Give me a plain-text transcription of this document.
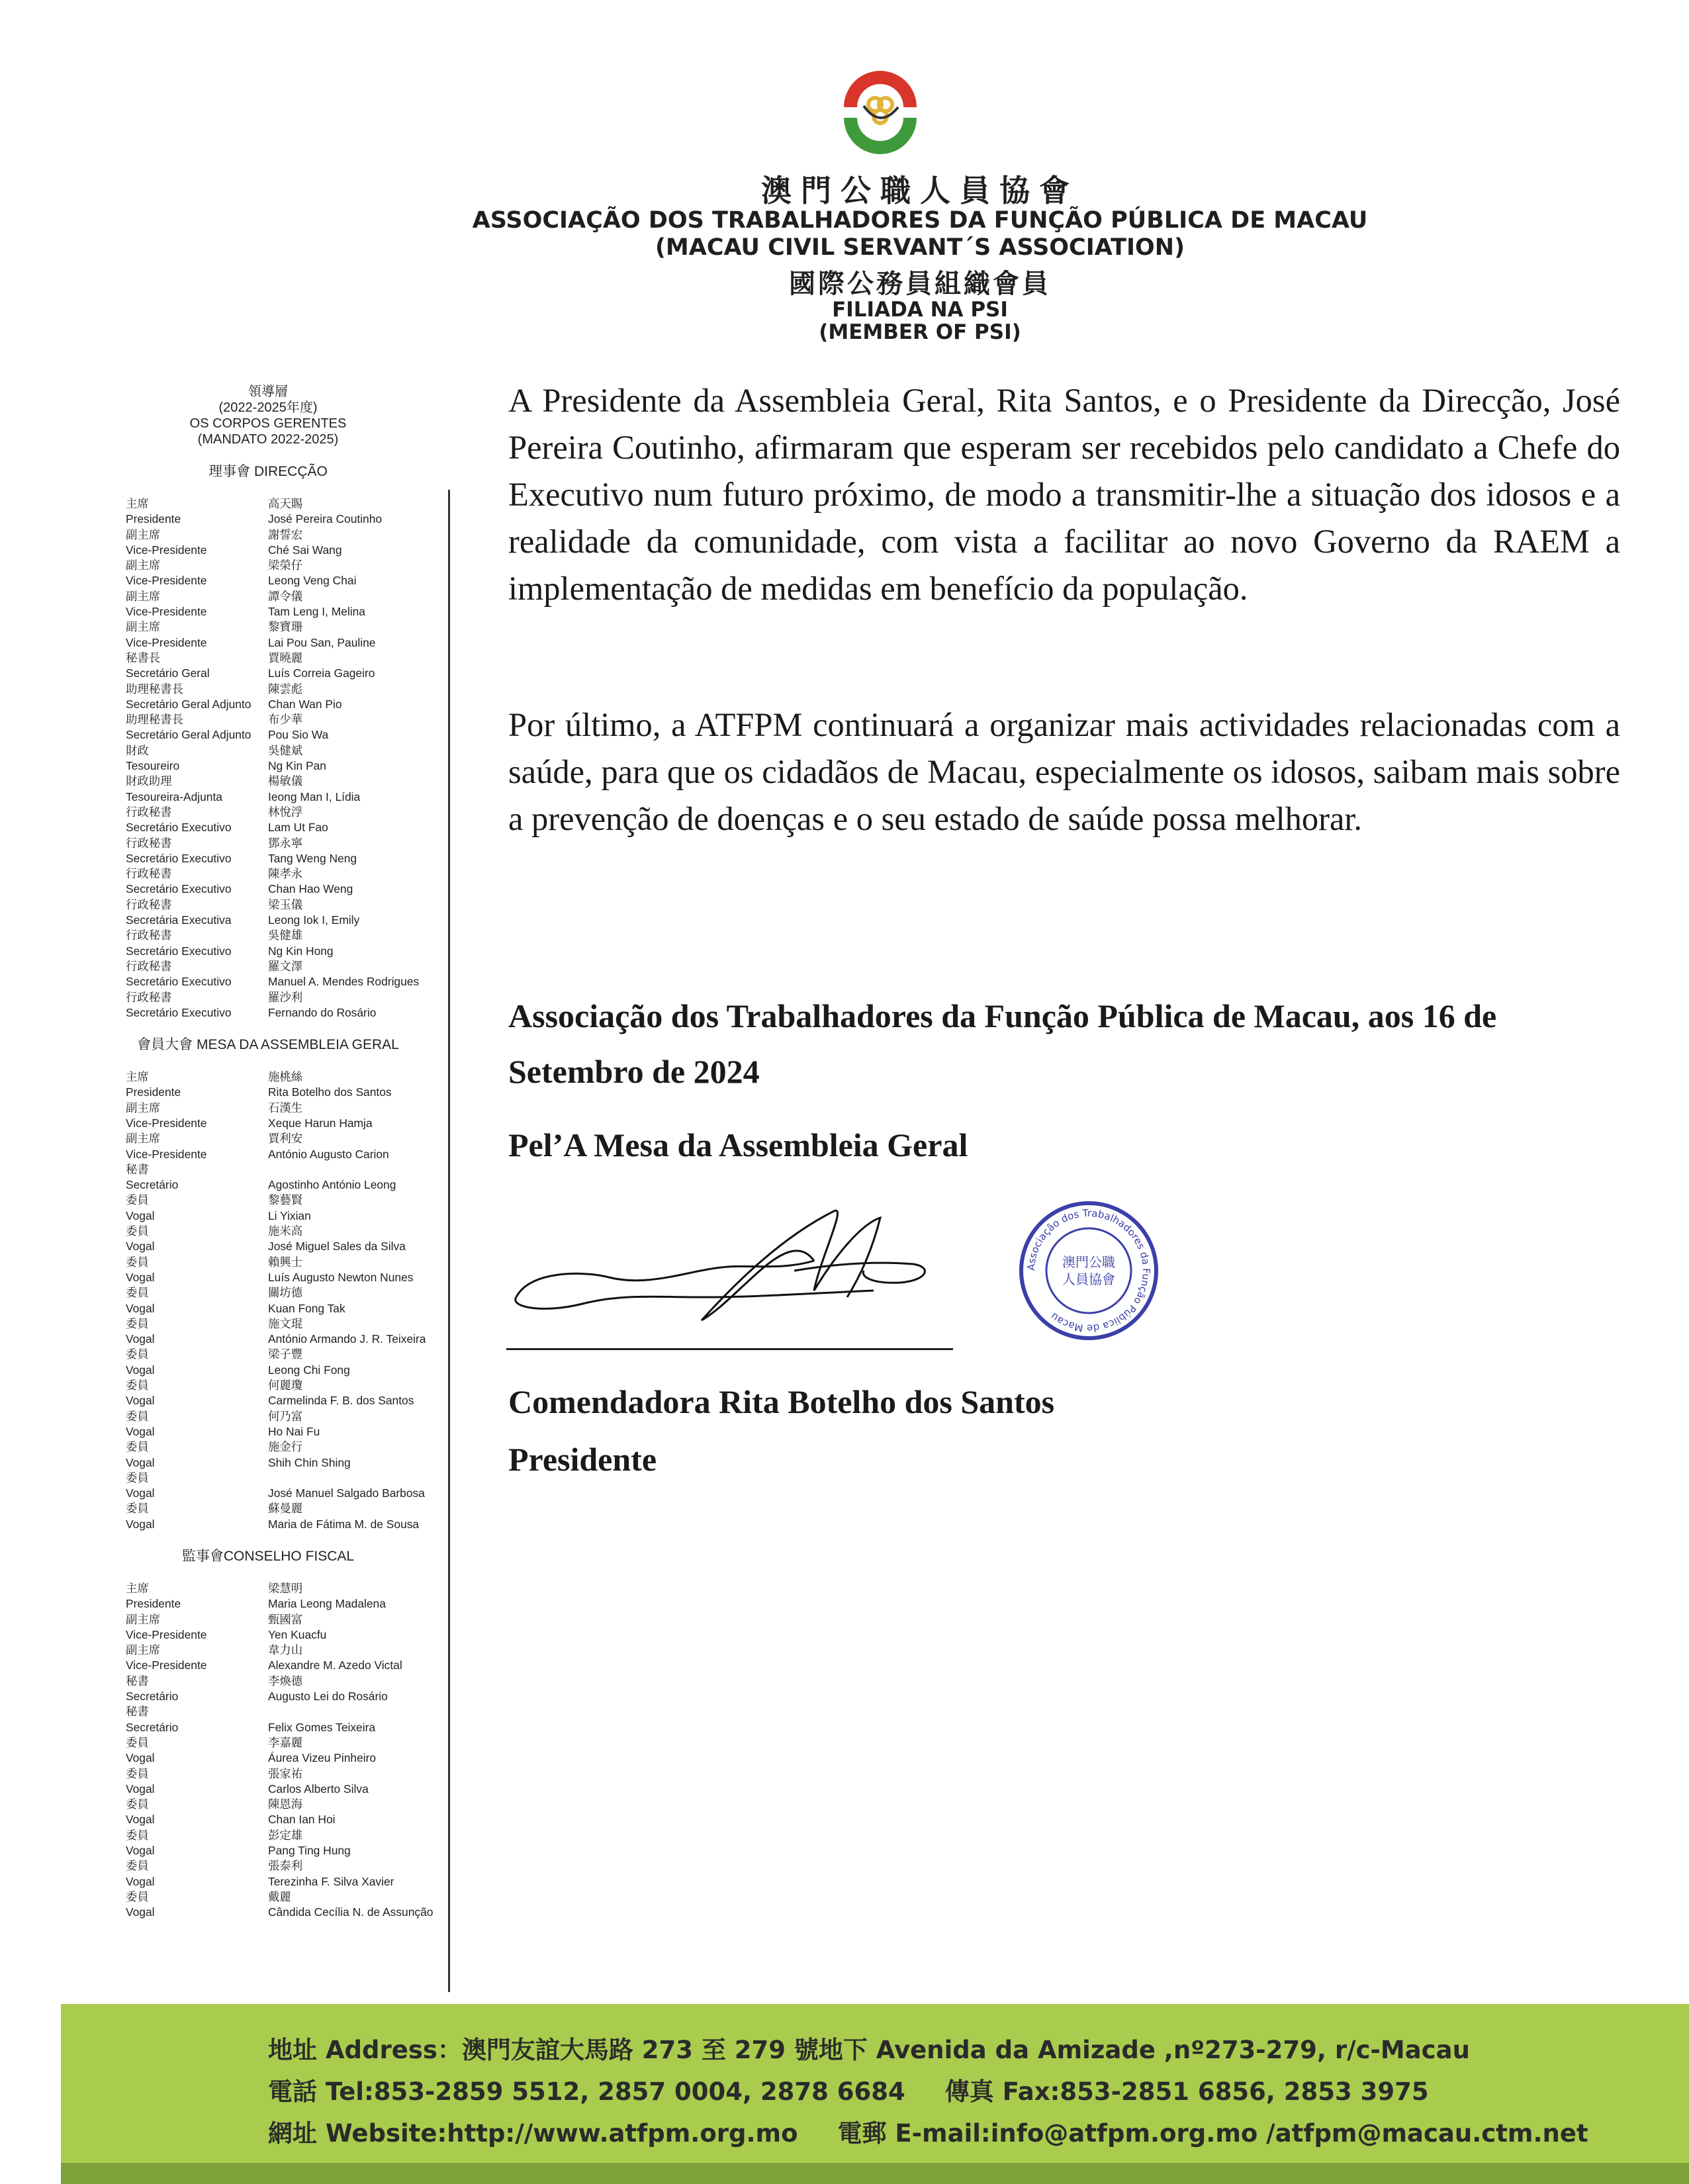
澳門公職人員協會
ASSOCIAÇÃO DOS TRABALHADORES DA FUNÇÃO PÚBLICA DE MACAU
(MACAU CIVIL SERVANT´S ASSOCIATION)
國際公務員組織會員
FILIADA NA PSI
(MEMBER OF PSI)
領導層
(2022-2025年度)
OS CORPOS GERENTES
(MANDATO 2022-2025)
理事會 DIRECÇÃO
主席	高天賜
Presidente	José Pereira Coutinho
副主席	謝誓宏
Vice-Presidente	Ché Sai Wang
副主席	梁榮仔
Vice-Presidente	Leong Veng Chai
副主席	譚令儀
Vice-Presidente	Tam Leng I, Melina
副主席	黎寶珊
Vice-Presidente	Lai Pou San, Pauline
秘書長	賈曉麗
Secretário Geral	Luís Correia Gageiro
助理秘書長	陳雲彪
Secretário Geral Adjunto	Chan Wan Pio
助理秘書長	布少華
Secretário Geral Adjunto	Pou Sio Wa
財政	吳健斌
Tesoureiro	Ng Kin Pan
財政助理	楊敏儀
Tesoureira-Adjunta	Ieong Man I, Lídia
行政秘書	林悅浮
Secretário Executivo	Lam Ut Fao
行政秘書	鄧永寧
Secretário Executivo	Tang Weng Neng
行政秘書	陳孝永
Secretário Executivo	Chan Hao Weng
行政秘書	梁玉儀
Secretária Executiva	Leong Iok I, Emily
行政秘書	吳健雄
Secretário Executivo	Ng Kin Hong
行政秘書	羅文澤
Secretário Executivo	Manuel A. Mendes Rodrigues
行政秘書	羅沙利
Secretário Executivo	Fernando do Rosário
會員大會 MESA DA ASSEMBLEIA GERAL
主席	施桃絲
Presidente	Rita Botelho dos Santos
副主席	石漢生
Vice-Presidente	Xeque Harun Hamja
副主席	賈利安
Vice-Presidente	António Augusto Carion
秘書
Secretário	Agostinho António Leong
委員	黎藝賢
Vogal	Li Yixian
委員	施米高
Vogal	José Miguel Sales da Silva
委員	賴興士
Vogal	Luís Augusto Newton Nunes
委員	關坊德
Vogal	Kuan Fong Tak
委員	施文琨
Vogal	António Armando J. R. Teixeira
委員	梁子豐
Vogal	Leong Chi Fong
委員	何麗瓊
Vogal	Carmelinda F. B. dos Santos
委員	何乃富
Vogal	Ho Nai Fu
委員	施金行
Vogal	Shih Chin Shing
委員
Vogal	José Manuel Salgado Barbosa
委員	蘇曼麗
Vogal	Maria de Fátima M. de Sousa
監事會CONSELHO FISCAL
主席	梁慧明
Presidente	Maria Leong Madalena
副主席	甄國富
Vice-Presidente	Yen Kuacfu
副主席	韋力山
Vice-Presidente	Alexandre M. Azedo Victal
秘書	李煥德
Secretário	Augusto Lei do Rosário
秘書
Secretário	Felix Gomes Teixeira
委員	李嘉麗
Vogal	Áurea Vizeu Pinheiro
委員	張家祐
Vogal	Carlos Alberto Silva
委員	陳恩海
Vogal	Chan Ian Hoi
委員	彭定雄
Vogal	Pang Ting Hung
委員	張泰利
Vogal	Terezinha F. Silva Xavier
委員	戴麗
Vogal	Cândida Cecília N. de Assunção
A Presidente da Assembleia Geral, Rita Santos, e o Presidente da Direcção, José Pereira Coutinho, afirmaram que esperam ser recebidos pelo candidato a Chefe do Executivo num futuro próximo, de modo a transmitir-lhe a situação dos idosos e a realidade da comunidade, com vista a facilitar ao novo Governo da RAEM a implementação de medidas em benefício da população.
Por último, a ATFPM continuará a organizar mais actividades relacionadas com a saúde, para que os cidadãos de Macau, especialmente os idosos, saibam mais sobre a prevenção de doenças e o seu estado de saúde possa melhorar.
Associação dos Trabalhadores da Função Pública de Macau, aos 16 de Setembro de 2024
Pel’A Mesa da Assembleia Geral
Comendadora Rita Botelho dos Santos
Presidente
Associação dos Trabalhadores da Função Pública de Macau
澳門公職
人員協會
地址 Address：澳門友誼大馬路 273 至 279 號地下 Avenida da Amizade ,nº273-279, r/c-Macau
電話 Tel:853-2859 5512, 2857 0004, 2878 6684 傳真 Fax:853-2851 6856, 2853 3975
網址 Website:http://www.atfpm.org.mo 電郵 E-mail:info@atfpm.org.mo /atfpm@macau.ctm.net
